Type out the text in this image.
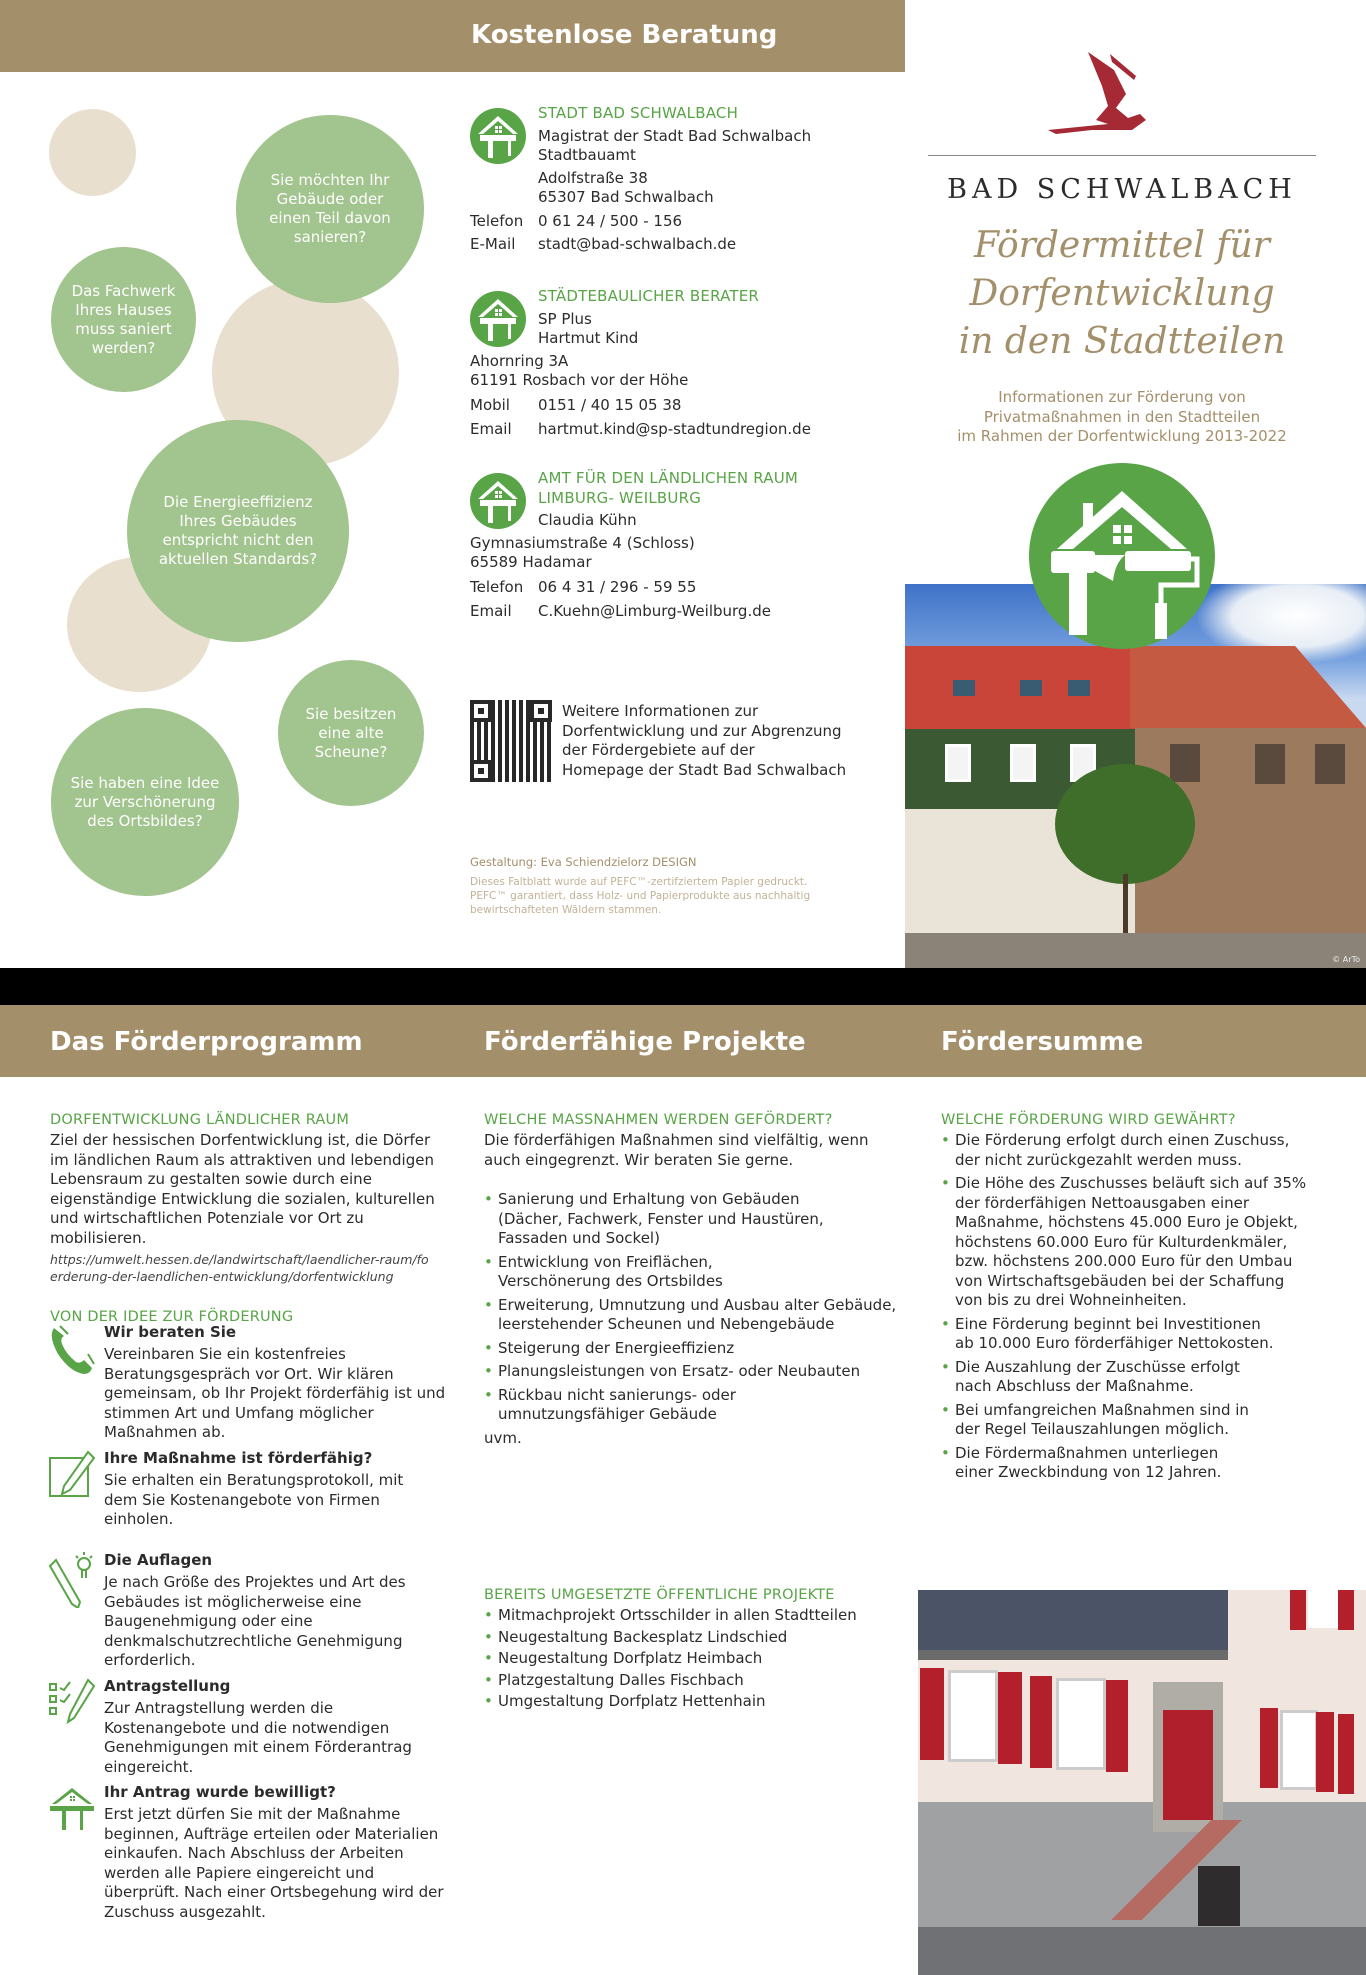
Kostenlose Beratung
Sie möchten Ihr Gebäude oder einen Teil davon sanieren?
Das Fachwerk Ihres Hauses muss saniert werden?
Die Energieeffizienz Ihres Gebäudes entspricht nicht den aktuellen Standards?
Sie besitzen eine alte Scheune?
Sie haben eine Idee zur Verschönerung des Ortsbildes?
STADT BAD SCHWALBACH
Magistrat der Stadt Bad Schwalbach
Stadtbauamt
Adolfstraße 38
65307 Bad Schwalbach
Telefon 0 61 24 / 500 - 156
E-Mail	stadt@bad-schwalbach.de
STÄDTEBAULICHER BERATER
SP Plus
Hartmut Kind
Ahornring 3A
61191 Rosbach vor der Höhe
Mobil	0151 / 40 15 05 38
Email	hartmut.kind@sp-stadtundregion.de
AMT FÜR DEN LÄNDLICHEN RAUM
LIMBURG- WEILBURG
Claudia Kühn
Gymnasiumstraße 4 (Schloss)
65589 Hadamar
Telefon 06 4 31 / 296 - 59 55
Email	C.Kuehn@Limburg-Weilburg.de
Weitere Informationen zur
Dorfentwicklung und zur Abgrenzung
der Fördergebiete auf der
Homepage der Stadt Bad Schwalbach
Gestaltung: Eva Schiendzielorz DESIGN
Dieses Faltblatt wurde auf PEFC™-zertifziertem Papier gedruckt.
PEFC™ garantiert, dass Holz- und Papierprodukte aus nachhaltig
bewirtschafteten Wäldern stammen.
BAD SCHWALBACH
Fördermittel für
Dorfentwicklung
in den Stadtteilen
Informationen zur Förderung von
Privatmaßnahmen in den Stadtteilen
im Rahmen der Dorfentwicklung 2013-2022
© ArTo
Das Förderprogramm	Förderfähige Projekte	Fördersumme
DORFENTWICKLUNG LÄNDLICHER RAUM
Ziel der hessischen Dorfentwicklung ist, die Dörfer im ländlichen Raum als attraktiven und lebendigen Lebensraum zu gestalten sowie durch eine eigenständige Entwicklung die sozialen, kulturellen und wirtschaftlichen Potenziale vor Ort zu mobilisieren.
https://umwelt.hessen.de/landwirtschaft/laendlicher-raum/foerderung-der-laendlichen-entwicklung/dorfentwicklung
VON DER IDEE ZUR FÖRDERUNG
Wir beraten Sie
Vereinbaren Sie ein kostenfreies Beratungsgespräch vor Ort. Wir klären gemeinsam, ob Ihr Projekt förderfähig ist und stimmen Art und Umfang möglicher Maßnahmen ab.
Ihre Maßnahme ist förderfähig?
Sie erhalten ein Beratungsprotokoll, mit dem Sie Kostenangebote von Firmen einholen.
Die Auflagen
Je nach Größe des Projektes und Art des Gebäudes ist möglicherweise eine Baugenehmigung oder eine denkmalschutzrechtliche Genehmigung erforderlich.
Antragstellung
Zur Antragstellung werden die Kostenangebote und die notwendigen Genehmigungen mit einem Förderantrag eingereicht.
Ihr Antrag wurde bewilligt?
Erst jetzt dürfen Sie mit der Maßnahme beginnen, Aufträge erteilen oder Materialien einkaufen. Nach Abschluss der Arbeiten werden alle Papiere eingereicht und überprüft. Nach einer Ortsbegehung wird der Zuschuss ausgezahlt.
WELCHE MASSNAHMEN WERDEN GEFÖRDERT?
Die förderfähigen Maßnahmen sind vielfältig, wenn auch eingegrenzt. Wir beraten Sie gerne.
• Sanierung und Erhaltung von Gebäuden (Dächer, Fachwerk, Fenster und Haustüren, Fassaden und Sockel)
• Entwicklung von Freiflächen, Verschönerung des Ortsbildes
• Erweiterung, Umnutzung und Ausbau alter Gebäude, leerstehender Scheunen und Nebengebäude
• Steigerung der Energieeffizienz
• Planungsleistungen von Ersatz- oder Neubauten
• Rückbau nicht sanierungs- oder umnutzungsfähiger Gebäude
uvm.
BEREITS UMGESETZTE ÖFFENTLICHE PROJEKTE
• Mitmachprojekt Ortsschilder in allen Stadtteilen
• Neugestaltung Backesplatz Lindschied
• Neugestaltung Dorfplatz Heimbach
• Platzgestaltung Dalles Fischbach
• Umgestaltung Dorfplatz Hettenhain
WELCHE FÖRDERUNG WIRD GEWÄHRT?
• Die Förderung erfolgt durch einen Zuschuss, der nicht zurückgezahlt werden muss.
• Die Höhe des Zuschusses beläuft sich auf 35% der förderfähigen Nettoausgaben einer Maßnahme, höchstens 45.000 Euro je Objekt, höchstens 60.000 Euro für Kulturdenkmäler, bzw. höchstens 200.000 Euro für den Umbau von Wirtschaftsgebäuden bei der Schaffung von bis zu drei Wohneinheiten.
• Eine Förderung beginnt bei Investitionen ab 10.000 Euro förderfähiger Nettokosten.
• Die Auszahlung der Zuschüsse erfolgt nach Abschluss der Maßnahme.
• Bei umfangreichen Maßnahmen sind in der Regel Teilauszahlungen möglich.
• Die Fördermaßnahmen unterliegen einer Zweckbindung von 12 Jahren.
